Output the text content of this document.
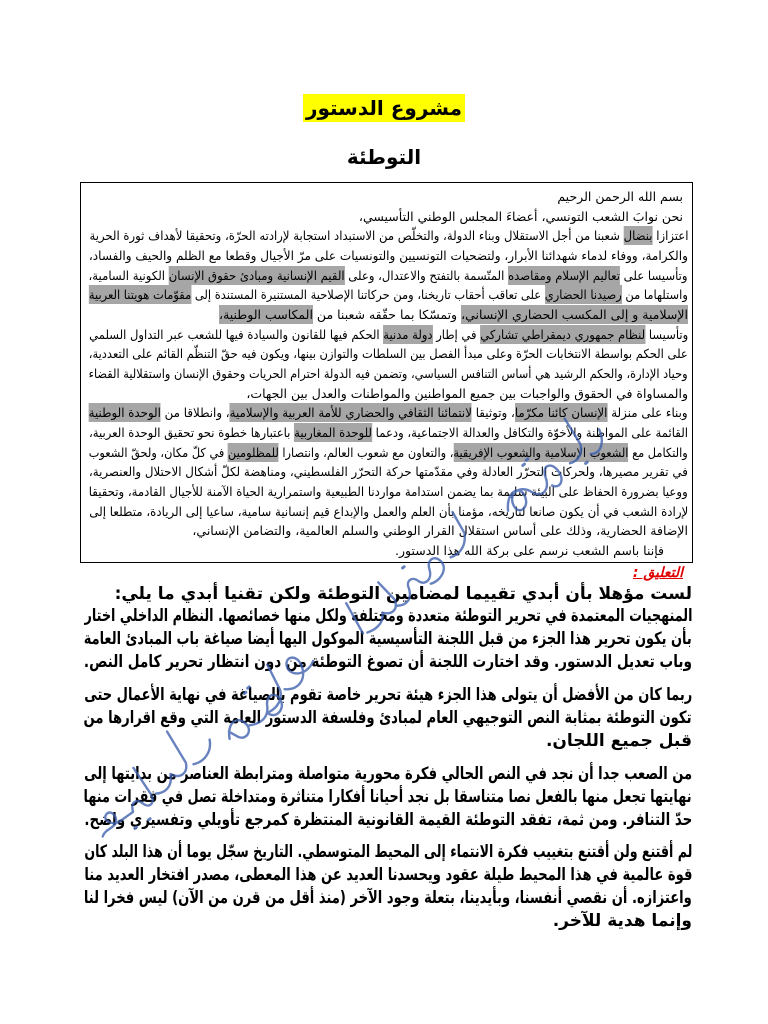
مشروع الدستور
التوطئة
بسم الله الرحمن الرحيم
نحن نوابَ الشعب التونسي، أعضاءَ المجلس الوطني التأسيسي،
اعتزازا بنضال شعبنا من أجل الاستقلال وبناء الدولة، والتخلّص من الاستبداد استجابة لإرادته الحرّة، وتحقيقا لأهداف ثورة الحرية
والكرامة، ووفاء لدماء شهدائنا الأبرار، ولتضحيات التونسيين والتونسيات على مرّ الأجيال وقطعا مع الظلم والحيف والفساد،
وتأسيسا على تعاليم الإسلام ومقاصده المتّسمة بالتفتح والاعتدال، وعلى القيم الإنسانية ومبادئ حقوق الإنسان الكونية السامية،
واستلهاما من رصيدنا الحضاري على تعاقب أحقاب تاريخنا، ومن حركاتنا الإصلاحية المستنيرة المستندة إلى مقوّمات هويتنا العربية
الإسلامية و إلى المكسب الحضاري الإنساني، وتمسّكا بما حقّقه شعبنا من المكاسب الوطنية،
وتأسيسا لنظام جمهوري ديمقراطي تشاركي في إطار دولة مدنية الحكم فيها للقانون والسيادة فيها للشعب عبر التداول السلمي
على الحكم بواسطة الانتخابات الحرّة وعلى مبدأ الفصل بين السلطات والتوازن بينها، ويكون فيه حقّ التنظّم القائم على التعددية،
وحياد الإدارة، والحكم الرشيد هي أساس التنافس السياسي، وتضمن فيه الدولة احترام الحريات وحقوق الإنسان واستقلالية القضاء
والمساواة في الحقوق والواجبات بين جميع المواطنين والمواطنات والعدل بين الجهات،
وبناء على منزلة الإنسان كائنا مكرّما، وتوثيقا لانتمائنا الثقافي والحضاري للأمة العربية والإسلامية، وانطلاقا من الوحدة الوطنية
القائمة على المواطنة والأخوّة والتكافل والعدالة الاجتماعية، ودعما للوحدة المغاربية باعتبارها خطوة نحو تحقيق الوحدة العربية،
والتكامل مع الشعوب الإسلامية والشعوب الإفريقية، والتعاون مع شعوب العالم، وانتصارا للمظلومين في كلّ مكان، ولحقّ الشعوب
في تقرير مصيرها، ولحركات التحرّر العادلة وفي مقدّمتها حركة التحرّر الفلسطيني، ومناهضة لكلّ أشكال الاحتلال والعنصرية،
ووعيا بضرورة الحفاظ على البيئة سليمة بما يضمن استدامة مواردنا الطبيعية واستمرارية الحياة الآمنة للأجيال القادمة، وتحقيقا
لإرادة الشعب في أن يكون صانعا لتاريخه، مؤمنا بأن العلم والعمل والإبداع قيم إنسانية سامية، ساعيا إلى الريادة، متطلعا إلى
الإضافة الحضارية، وذلك على أساس استقلال القرار الوطني والسلم العالمية، والتضامن الإنساني،
فإننا باسم الشعب نرسم على بركة الله هذا الدستور.
التعليق :
لست مؤهلا بأن أبدي تقييما لمضامين التوطئة ولكن تقنيا أبدي ما يلي:
المنهجيات المعتمدة في تحرير التوطئة متعددة ومختلفة ولكل منها خصائصها. النظام الداخلي اختار
بأن يكون تحرير هذا الجزء من قبل اللجنة التأسيسية الموكول اليها أيضا صياغة باب المبادئ العامة
وباب تعديل الدستور. وقد اختارت اللجنة أن تصوغ التوطئة من دون انتظار تحرير كامل النص.
ربما كان من الأفضل أن يتولى هذا الجزء هيئة تحرير خاصة تقوم بالصياغة في نهاية الأعمال حتى
تكون التوطئة بمثابة النص التوجيهي العام لمبادئ وفلسفة الدستور العامة التي وقع اقرارها من
قبل جميع اللجان.
من الصعب جدا أن نجد في النص الحالي فكرة محورية متواصلة ومترابطة العناصر من بدايتها إلى
نهايتها تجعل منها بالفعل نصا متناسقا بل نجد أحيانا أفكارا متناثرة ومتداخلة تصل في فقرات منها
حدّ التنافر. ومن ثمة، تفقد التوطئة القيمة القانونية المنتظرة كمرجع تأويلي وتفسيري واضح.
لم أقتنع ولن أقتنع بتغييب فكرة الانتماء إلى المحيط المتوسطي. التاريخ سجّل يوما أن هذا البلد كان
قوة عالمية في هذا المحيط طيلة عقود ويحسدنا العديد عن هذا المعطى، مصدر افتخار العديد منا
واعتزازه. أن نقصي أنفسنا، وبأيدينا، بتعلة وجود الآخر (منذ أقل من قرن من الآن) ليس فخرا لنا
وإنما هدية للآخر.
